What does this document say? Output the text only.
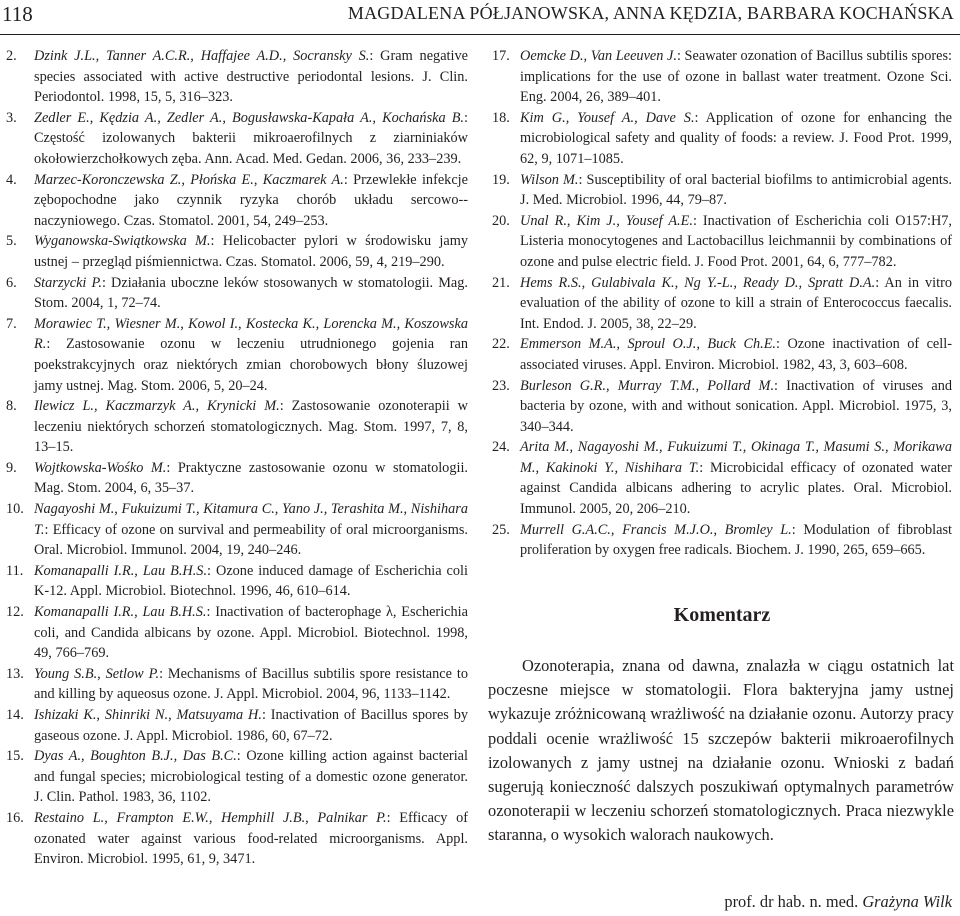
118	MAGDALENA PÓŁJANOWSKA, ANNA KĘDZIA, BARBARA KOCHAŃSKA
2.	Dzink J.L., Tanner A.C.R., Haffajee A.D., Socransky S.: Gram negative species associated with active destructive periodontal lesions. J. Clin. Periodontol. 1998, 15, 5, 316–323.
3.	Zedler E., Kędzia A., Zedler A., Bogusławska-Kapała A., Kochańska B.: Częstość izolowanych bakterii mikroaerofilnych z ziarniniaków okołowierzchołkowych zęba. Ann. Acad. Med. Gedan. 2006, 36, 233–239.
4.	Marzec-Koronczewska Z., Płońska E., Kaczmarek A.: Przewlekłe infekcje zębopochodne jako czynnik ryzyka chorób układu sercowo--naczyniowego. Czas. Stomatol. 2001, 54, 249–253.
5.	Wyganowska-Swiątkowska M.: Helicobacter pylori w środowisku jamy ustnej – przegląd piśmiennictwa. Czas. Stomatol. 2006, 59, 4, 219–290.
6.	Starzycki P.: Działania uboczne leków stosowanych w stomatologii. Mag. Stom. 2004, 1, 72–74.
7.	Morawiec T., Wiesner M., Kowol I., Kostecka K., Lorencka M., Koszowska R.: Zastosowanie ozonu w leczeniu utrudnionego gojenia ran poekstrakcyjnych oraz niektórych zmian chorobowych błony śluzowej jamy ustnej. Mag. Stom. 2006, 5, 20–24.
8.	Ilewicz L., Kaczmarzyk A., Krynicki M.: Zastosowanie ozonoterapii w leczeniu niektórych schorzeń stomatologicznych. Mag. Stom. 1997, 7, 8, 13–15.
9.	Wojtkowska-Wośko M.: Praktyczne zastosowanie ozonu w stomatologii. Mag. Stom. 2004, 6, 35–37.
10. Nagayoshi M., Fukuizumi T., Kitamura C., Yano J., Terashita M., Nishihara T.: Efficacy of ozone on survival and permeability of oral microorganisms. Oral. Microbiol. Immunol. 2004, 19, 240–246.
11. Komanapalli I.R., Lau B.H.S.: Ozone induced damage of Escherichia coli K-12. Appl. Microbiol. Biotechnol. 1996, 46, 610–614.
12. Komanapalli I.R., Lau B.H.S.: Inactivation of bacterophage λ, Escherichia coli, and Candida albicans by ozone. Appl. Microbiol. Biotechnol. 1998, 49, 766–769.
13. Young S.B., Setlow P.: Mechanisms of Bacillus subtilis spore resistance to and killing by aqueosus ozone. J. Appl. Microbiol. 2004, 96, 1133–1142.
14. Ishizaki K., Shinriki N., Matsuyama H.: Inactivation of Bacillus spores by gaseous ozone. J. Appl. Microbiol. 1986, 60, 67–72.
15. Dyas A., Boughton B.J., Das B.C.: Ozone killing action against bacterial and fungal species; microbiological testing of a domestic ozone generator. J. Clin. Pathol. 1983, 36, 1102.
16. Restaino L., Frampton E.W., Hemphill J.B., Palnikar P.: Efficacy of ozonated water against various food-related microorganisms. Appl. Environ. Microbiol. 1995, 61, 9, 3471.
17. Oemcke D., Van Leeuven J.: Seawater ozonation of Bacillus subtilis spores: implications for the use of ozone in ballast water treatment. Ozone Sci. Eng. 2004, 26, 389–401.
18. Kim G., Yousef A., Dave S.: Application of ozone for enhancing the microbiological safety and quality of foods: a review. J. Food Prot. 1999, 62, 9, 1071–1085.
19. Wilson M.: Susceptibility of oral bacterial biofilms to antimicrobial agents. J. Med. Microbiol. 1996, 44, 79–87.
20. Unal R., Kim J., Yousef A.E.: Inactivation of Escherichia coli O157:H7, Listeria monocytogenes and Lactobacillus leichmannii by combinations of ozone and pulse electric field. J. Food Prot. 2001, 64, 6, 777–782.
21. Hems R.S., Gulabivala K., Ng Y.-L., Ready D., Spratt D.A.: An in vitro evaluation of the ability of ozone to kill a strain of Enterococcus faecalis. Int. Endod. J. 2005, 38, 22–29.
22. Emmerson M.A., Sproul O.J., Buck Ch.E.: Ozone inactivation of cell-associated viruses. Appl. Environ. Microbiol. 1982, 43, 3, 603–608.
23. Burleson G.R., Murray T.M., Pollard M.: Inactivation of viruses and bacteria by ozone, with and without sonication. Appl. Microbiol. 1975, 3, 340–344.
24. Arita M., Nagayoshi M., Fukuizumi T., Okinaga T., Masumi S., Morikawa M., Kakinoki Y., Nishihara T.: Microbicidal efficacy of ozonated water against Candida albicans adhering to acrylic plates. Oral. Microbiol. Immunol. 2005, 20, 206–210.
25. Murrell G.A.C., Francis M.J.O., Bromley L.: Modulation of fibroblast proliferation by oxygen free radicals. Biochem. J. 1990, 265, 659–665.
Komentarz

Ozonoterapia, znana od dawna, znalazła w ciągu ostatnich lat poczesne miejsce w stomatologii. Flora bakteryjna jamy ustnej wykazuje zróżnicowaną wrażliwość na działanie ozonu. Autorzy pracy poddali ocenie wrażliwość 15 szczepów bakterii mikroaerofilnych izolowanych z jamy ustnej na działanie ozonu. Wnioski z badań sugerują konieczność dalszych poszukiwań optymalnych parametrów ozonoterapii w leczeniu schorzeń stomatologicznych. Praca niezwykle staranna, o wysokich walorach naukowych.

prof. dr hab. n. med. Grażyna Wilk
